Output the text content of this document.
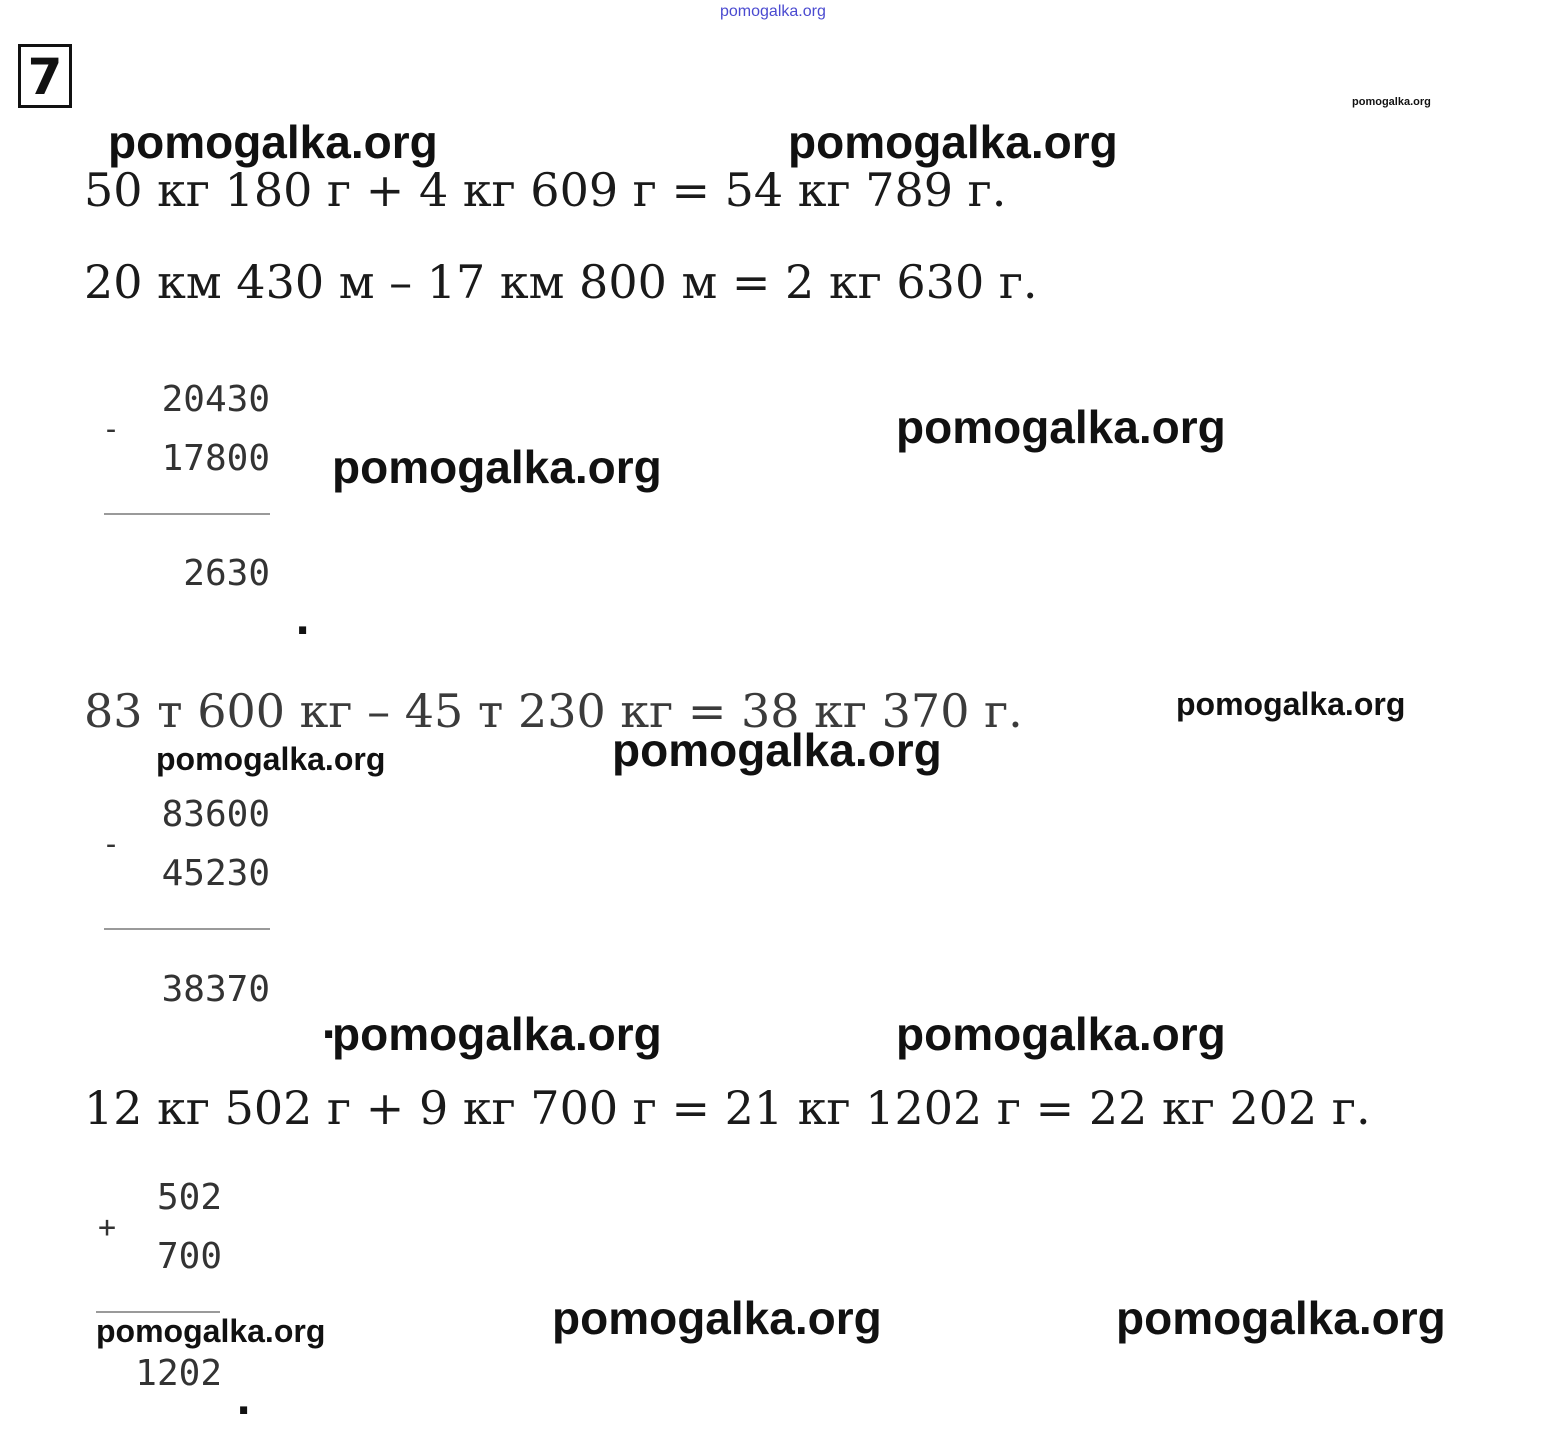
pomogalka.org
7	pomogalka.org
pomogalka.org	pomogalka.org
50 кг 180 г + 4 кг 609 г = 54 кг 789 г.
20 км 430 м – 17 км 800 м = 2 кг 630 г.
20430
-
17800
2630
.
pomogalka.org
pomogalka.org
83 т 600 кг – 45 т 230 кг = 38 кг 370 г.	pomogalka.org
pomogalka.org
pomogalka.org
83600
-
45230
38370
.
pomogalka.org	pomogalka.org
12 кг 502 г + 9 кг 700 г = 21 кг 1202 г = 22 кг 202 г.
502
+
700
1202
.
pomogalka.org	pomogalka.org	pomogalka.org
